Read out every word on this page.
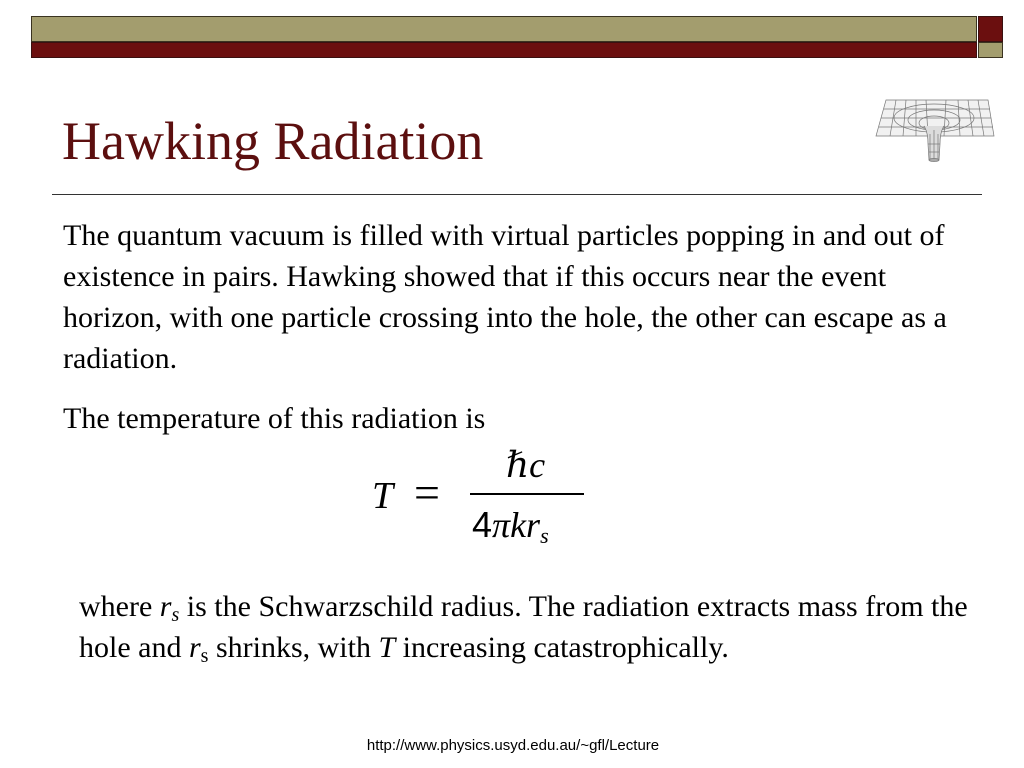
Hawking Radiation

The quantum vacuum is filled with virtual particles popping in and out of existence in pairs. Hawking showed that if this occurs near the event horizon, with one particle crossing into the hole, the other can escape as a radiation.

The temperature of this radiation is

T =
ℏc
4πkr$_s$

where $r_s$ is the Schwarzschild radius. The radiation extracts mass from the hole and $r_s$ shrinks, with T increasing catastrophically.

http://www.physics.usyd.edu.au/~gfl/Lecture
